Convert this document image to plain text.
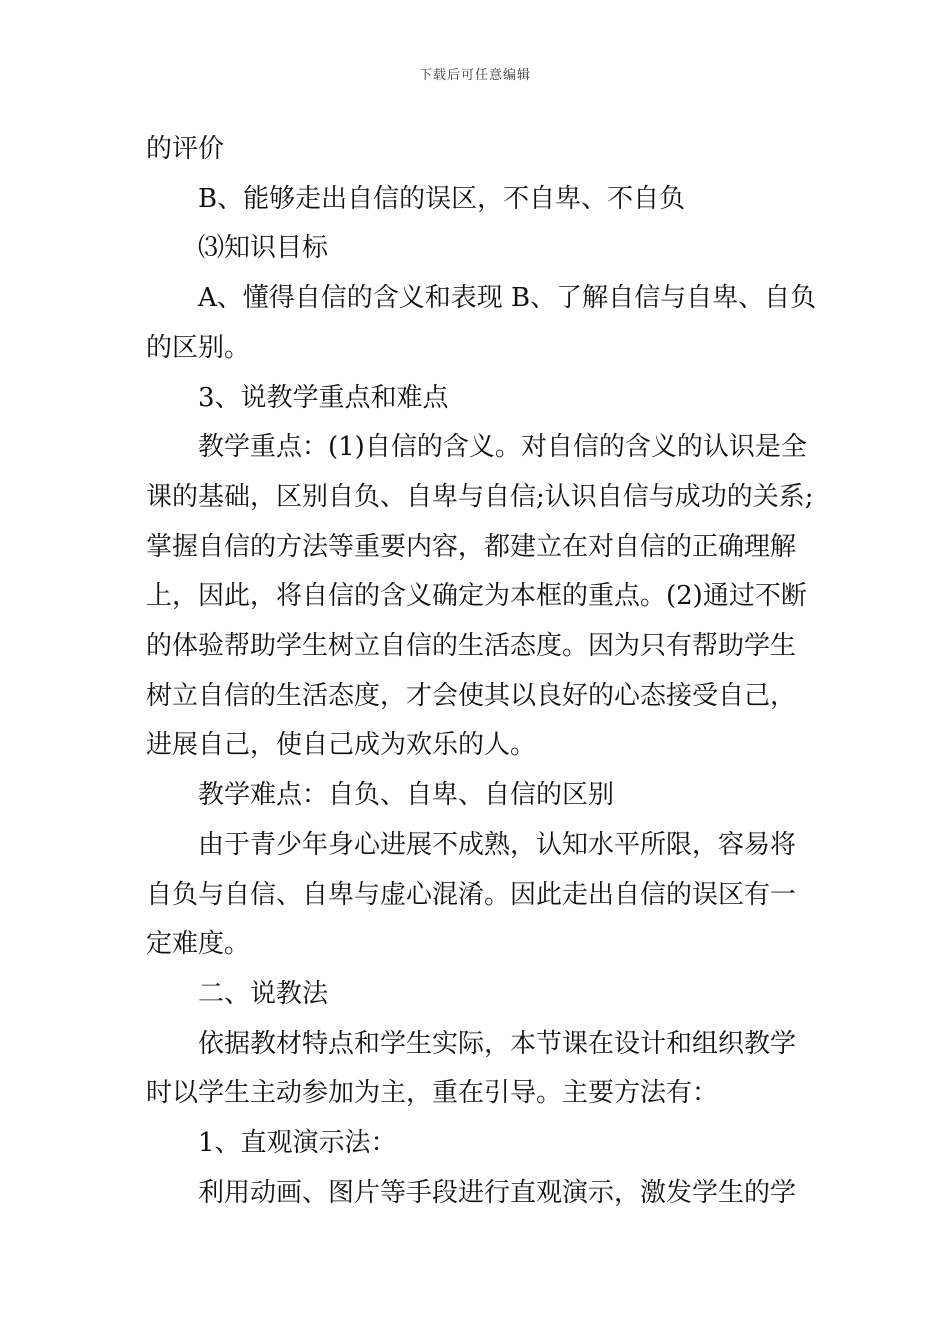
下载后可任意编辑
的评价
B、能够走出自信的误区，不自卑、不自负
⑶知识目标
A、懂得自信的含义和表现 B、了解自信与自卑、自负
的区别。
3、说教学重点和难点
教学重点：(1)自信的含义。对自信的含义的认识是全
课的基础，区别自负、自卑与自信;认识自信与成功的关系;
掌握自信的方法等重要内容，都建立在对自信的正确理解
上，因此，将自信的含义确定为本框的重点。(2)通过不断
的体验帮助学生树立自信的生活态度。因为只有帮助学生
树立自信的生活态度，才会使其以良好的心态接受自己，
进展自己，使自己成为欢乐的人。
教学难点：自负、自卑、自信的区别
由于青少年身心进展不成熟，认知水平所限，容易将
自负与自信、自卑与虚心混淆。因此走出自信的误区有一
定难度。
二、说教法
依据教材特点和学生实际，本节课在设计和组织教学
时以学生主动参加为主，重在引导。主要方法有：
1、直观演示法：
利用动画、图片等手段进行直观演示，激发学生的学
